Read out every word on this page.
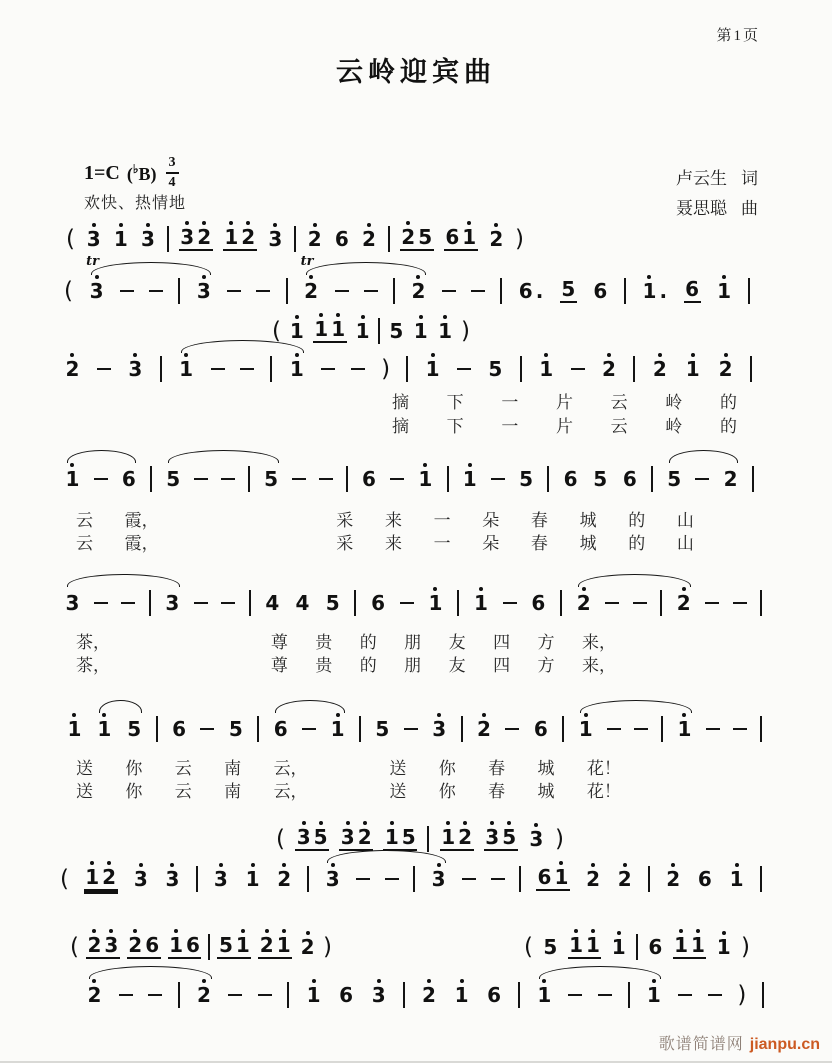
第1页
云岭迎宾曲
1=C (♭B)
3
4
欢快、热情地
卢云生 词
聂思聪 曲
( 3 1 3 3 2 1 2 3 2 6 2 2 5 6 1 2 )
( 3
tr
3	2
tr
2	6 . 5 6 1 . 6 1
( 1 1 1 1 5 1 1 )
2 3 1	1	) 1 5 1 2 2 1 2
摘 下 一 片 云 岭 的
摘 下 一 片 云 岭 的
1 6 5	5	6 1 1 5 6 5 6 5 2
云 霞，	采 来 一 朵 春 城 的 山
云 霞，	采 来 一 朵 春 城 的 山
3	3	4 4 5 6 1 1 6 2	2
茶，	尊 贵 的 朋 友 四 方 来，
茶，	尊 贵 的 朋 友 四 方 来，
1 1 5 6 5 6 1 5 3 2 6 1	1
送 你 云 南 云，	送 你 春 城 花！
送 你 云 南 云，	送 你 春 城 花！
( 3 5 3 2 1 5 1 2 3 5 3 )
( 1 2 3 3 3 1 2 3	3	6 1 2 2 2 6 1
( 2 3 2 6 1 6 5 1 2 1 2 )	( 5 1 1 1 6 1 1 1 )
2	2	1 6 3 2 1 6 1	1	)
歌谱简谱网 jianpu.cn
